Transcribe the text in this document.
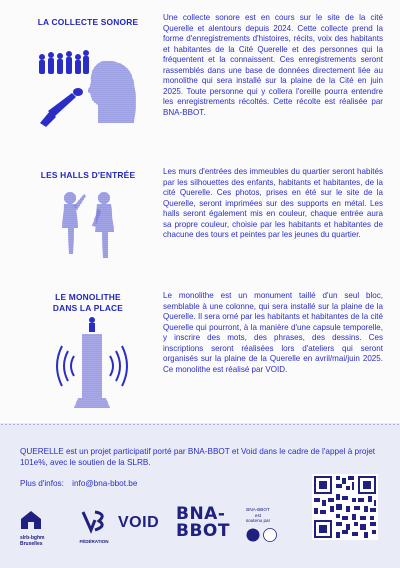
LA COLLECTE SONORE	Une collecte sonore est en cours sur le site de la cité Querelle et alentours depuis 2024. Cette collecte prend la forme d'enregistrements d'histoires, récits, voix des habitants et habitantes de la Cité Querelle et des personnes qui la fréquentent et la connaissent. Ces enregistrements seront rassemblés dans une base de données directement liée au monolithe qui sera installé sur la plaine de la Cité en juin 2025. Toute personne qui y collera l'oreille pourra entendre les enregistrements récoltés. Cette récolte est réalisée par BNA-BBOT.
LES HALLS D'ENTRÉE	Les murs d'entrées des immeubles du quartier seront habités par les silhouettes des enfants, habitants et habitantes, de la cité Querelle. Ces photos, prises en été sur le site de la Querelle, seront imprimées sur des supports en métal. Les halls seront également mis en couleur, chaque entrée aura sa propre couleur, choisie par les habitants et habitantes de chacune des tours et peintes par les jeunes du quartier.
LE MONOLITHE
DANS LA PLACE
Le monolithe est un monument taillé d'un seul bloc, semblable à une colonne, qui sera installé sur la plaine de la Querelle. Il sera orné par les habitants et habitantes de la cité Querelle qui pourront, à la manière d'une capsule temporelle, y inscrire des mots, des phrases, des dessins. Ces inscriptions seront réalisées lors d'ateliers qui seront organisés sur la plaine de la Querelle en avril/mai/juin 2025. Ce monolithe est réalisé par VOID.
QUERELLE est un projet participatif porté par BNA-BBOT et Void dans le cadre de l'appel à projet 101e%, avec le soutien de la SLRB.
Plus d'infos: info@bna-bbot.be
slrb-bghm
Bruxelles	FÉDÉRATION
VOID BNA-
BBOT
BNA-BBOT
est
soutenu par
